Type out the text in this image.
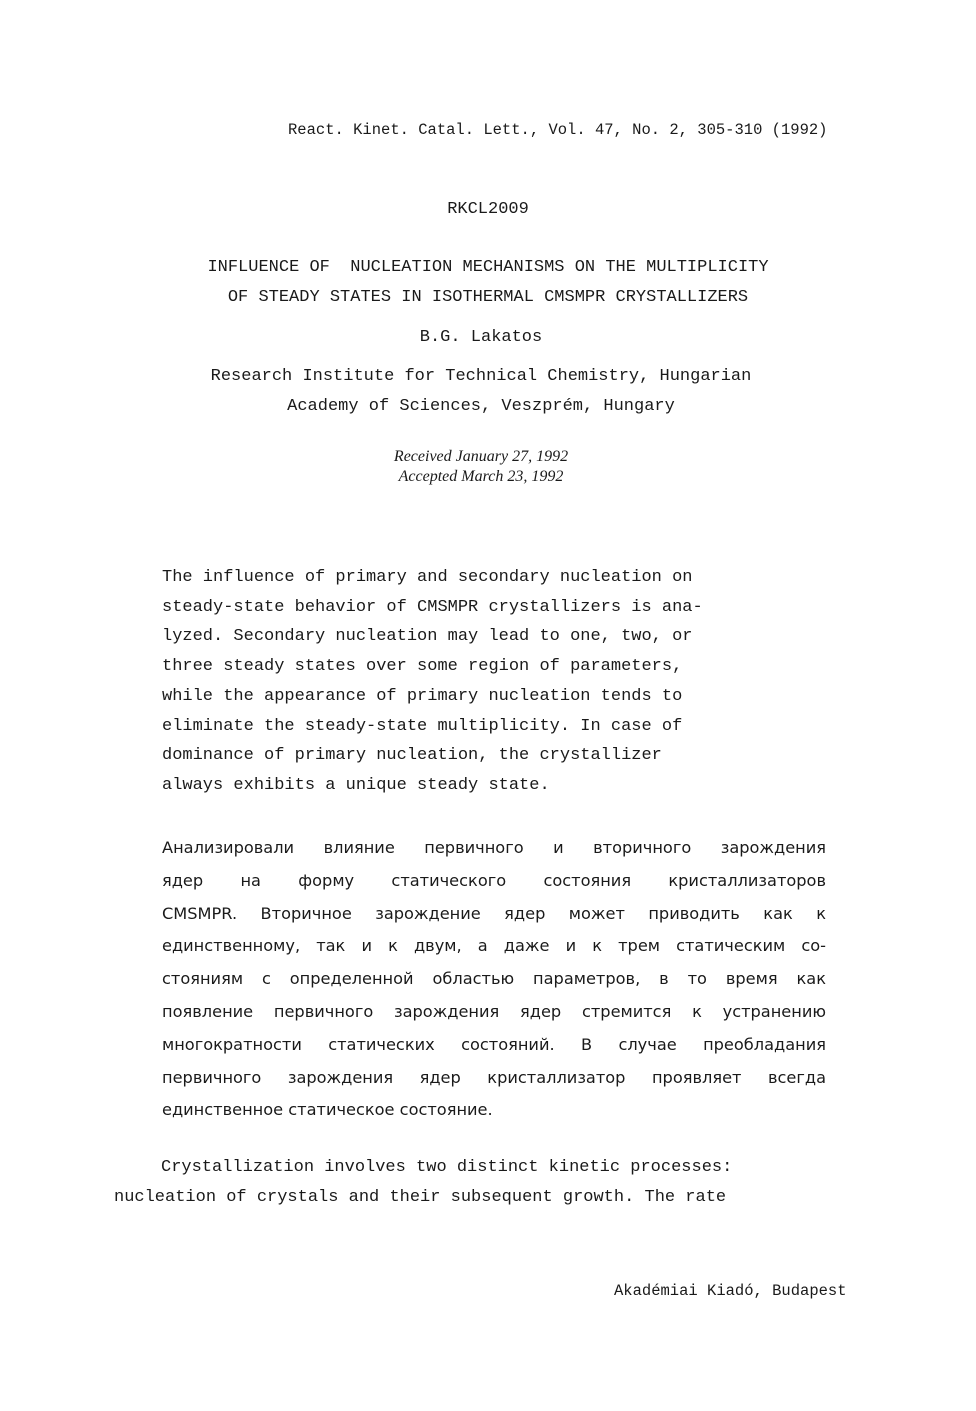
React. Kinet. Catal. Lett., Vol. 47, No. 2, 305-310 (1992)
RKCL2009
INFLUENCE OF  NUCLEATION MECHANISMS ON THE MULTIPLICITY
OF STEADY STATES IN ISOTHERMAL CMSMPR CRYSTALLIZERS
B.G. Lakatos
Research Institute for Technical Chemistry, Hungarian
Academy of Sciences, Veszprém, Hungary
Received January 27, 1992
Accepted March 23, 1992
The influence of primary and secondary nucleation on
steady-state behavior of CMSMPR crystallizers is ana-
lyzed. Secondary nucleation may lead to one, two, or
three steady states over some region of parameters,
while the appearance of primary nucleation tends to
eliminate the steady-state multiplicity. In case of
dominance of primary nucleation, the crystallizer
always exhibits a unique steady state.
Анализировали влияние первичного и вторичного зарождения
ядер на форму статического состояния кристаллизаторов
CMSMPR. Вторичное зарождение ядер может приводить как к
единственному, так и к двум, а даже и к трем статическим со-
стояниям с определенной областью параметров, в то время как
появление первичного зарождения ядер стремится к устранению
многократности статических состояний. В случае преобладания
первичного зарождения ядер кристаллизатор проявляет всегда
единственное статическое состояние.
Crystallization involves two distinct kinetic processes:
nucleation of crystals and their subsequent growth. The rate
Akadémiai Kiadó, Budapest
